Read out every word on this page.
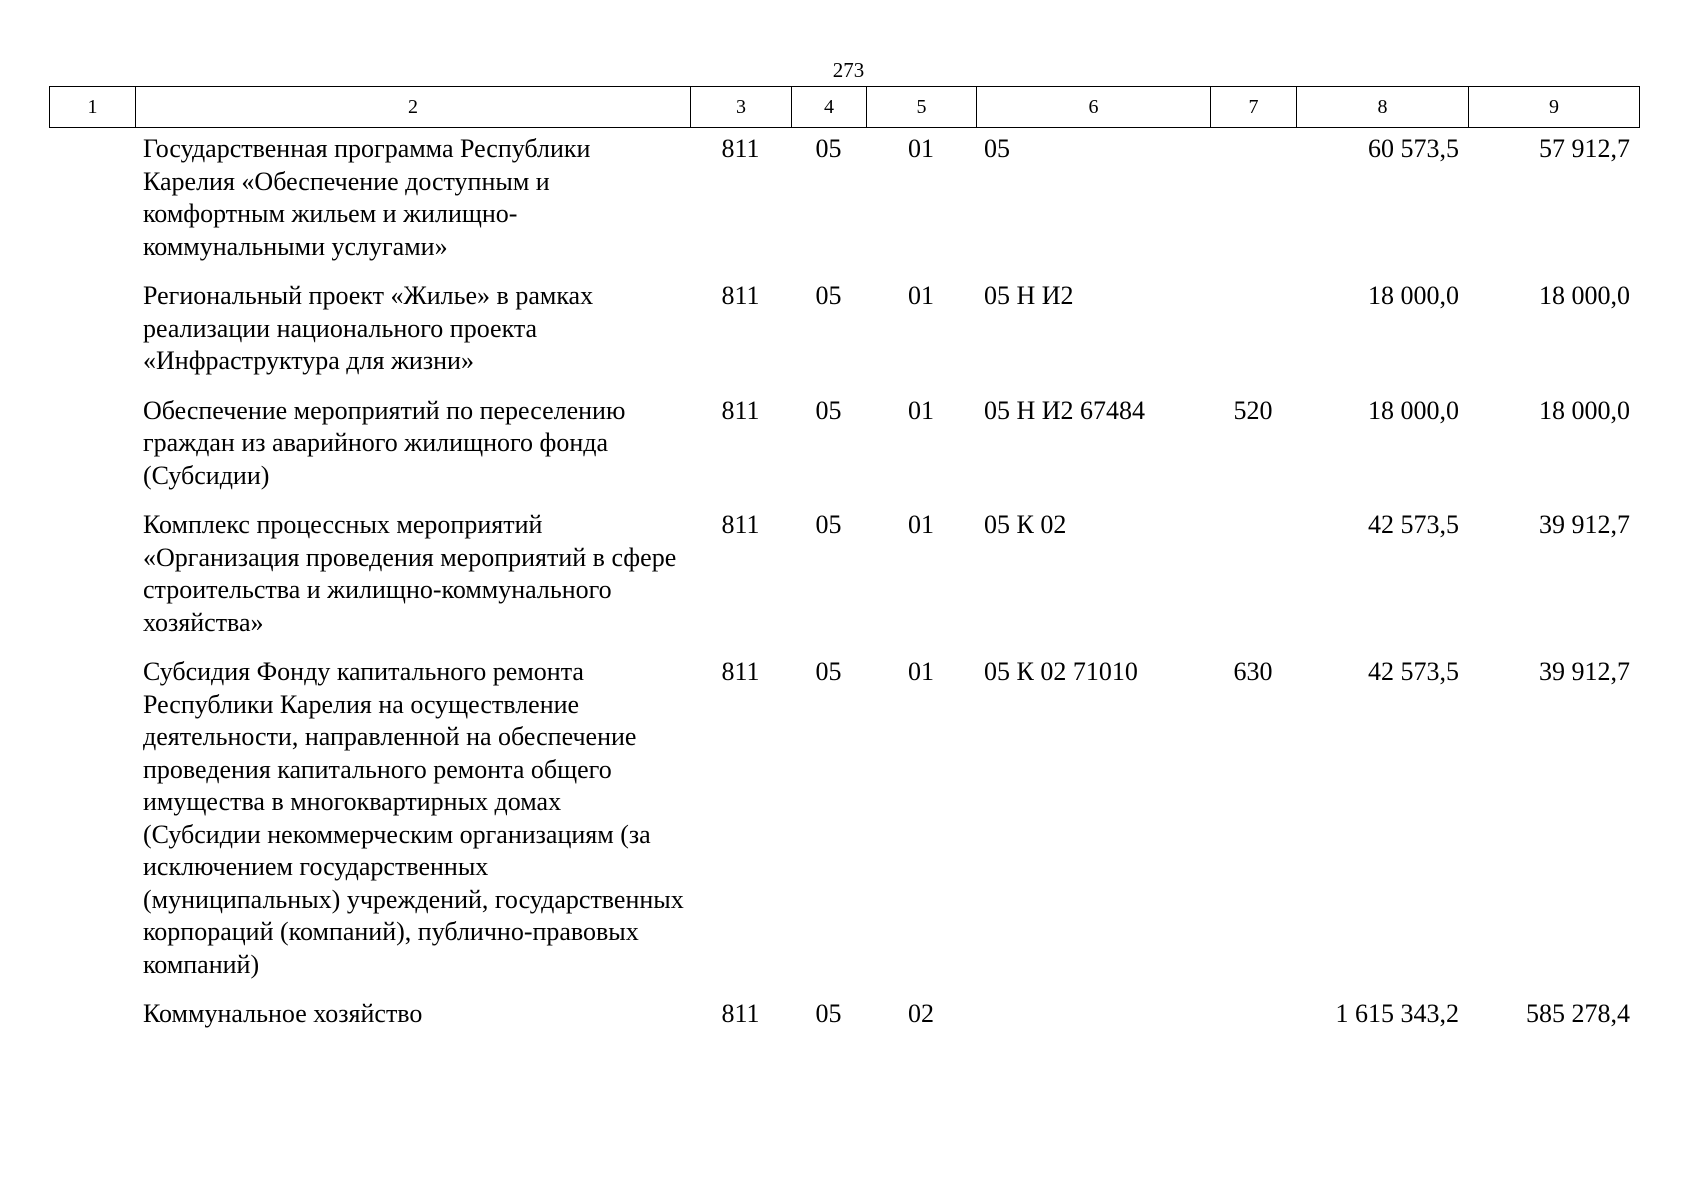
273
1	2	3	4	5	6	7	8	9
	Государственная программа Республики Карелия «Обеспечение доступным и комфортным жильем и жилищно-коммунальными услугами»	811	05	01	05		60 573,5	57 912,7
	Региональный проект «Жилье» в рамках реализации национального проекта «Инфраструктура для жизни»	811	05	01	05 Н И2		18 000,0	18 000,0
	Обеспечение мероприятий по переселению граждан из аварийного жилищного фонда (Субсидии)	811	05	01	05 Н И2 67484	520	18 000,0	18 000,0
	Комплекс процессных мероприятий «Организация проведения мероприятий в сфере строительства и жилищно-коммунального хозяйства»	811	05	01	05 К 02		42 573,5	39 912,7
	Субсидия Фонду капитального ремонта Республики Карелия на осуществление деятельности, направленной на обеспечение проведения капитального ремонта общего имущества в многоквартирных домах (Субсидии некоммерческим организациям (за исключением государственных (муниципальных) учреждений, государственных корпораций (компаний), публично-правовых компаний)	811	05	01	05 К 02 71010	630	42 573,5	39 912,7
	Коммунальное хозяйство	811	05	02			1 615 343,2	585 278,4
